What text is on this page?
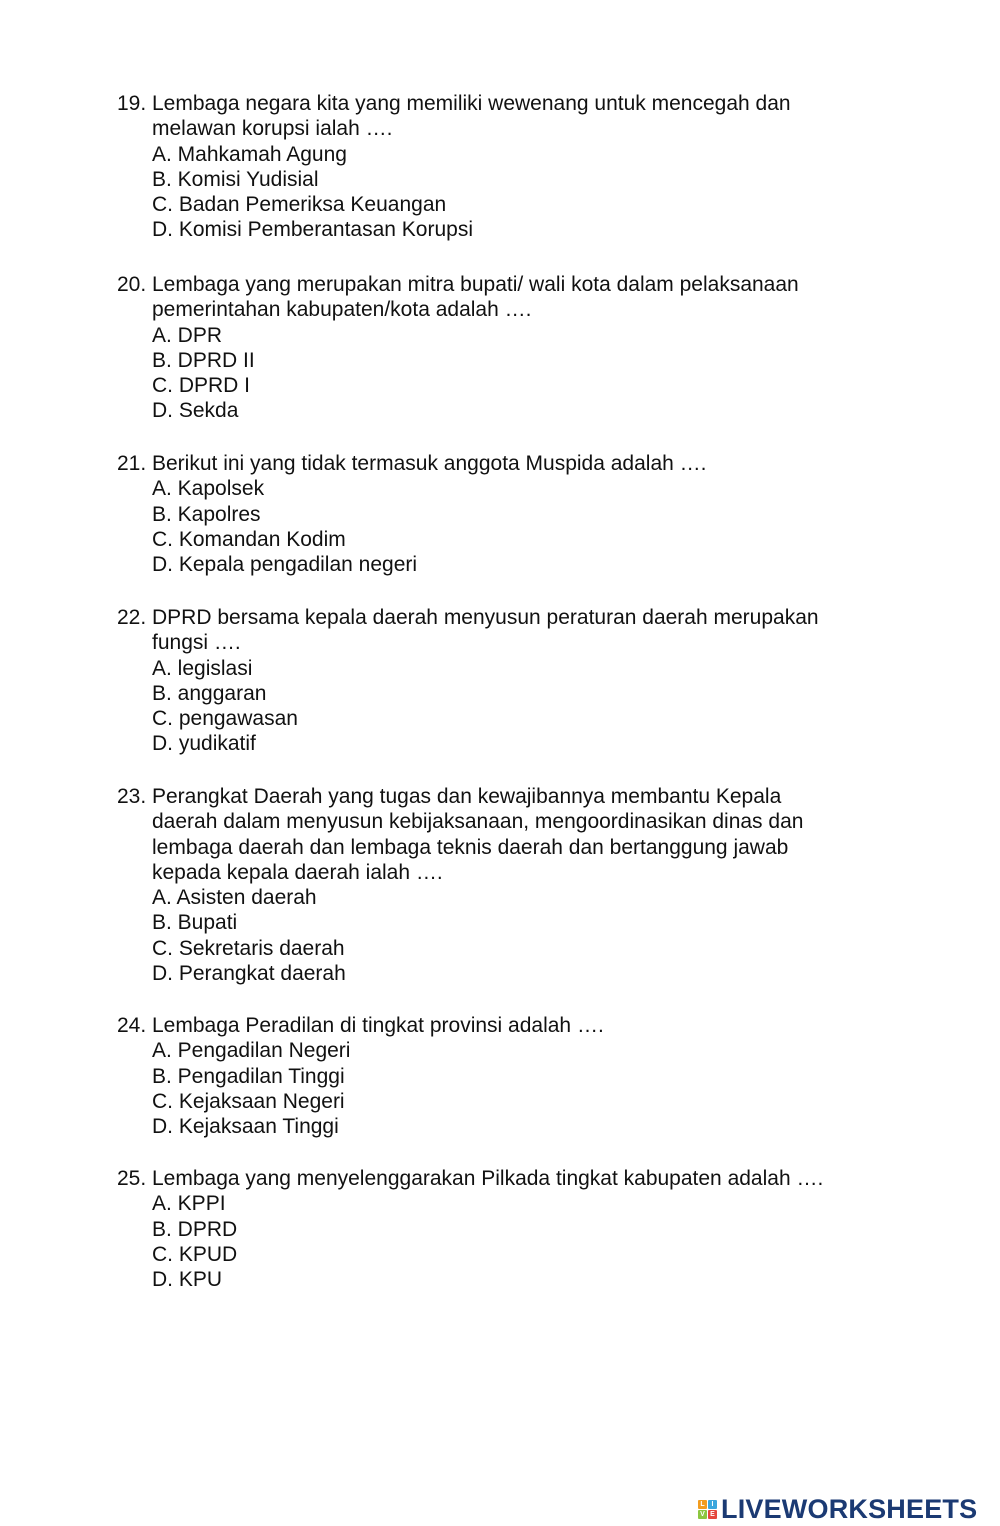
19. Lembaga negara kita yang memiliki wewenang untuk mencegah dan
melawan korupsi ialah ….
A. Mahkamah Agung
B. Komisi Yudisial
C. Badan Pemeriksa Keuangan
D. Komisi Pemberantasan Korupsi
20. Lembaga yang merupakan mitra bupati/ wali kota dalam pelaksanaan
pemerintahan kabupaten/kota adalah ….
A. DPR
B. DPRD II
C. DPRD I
D. Sekda
21. Berikut ini yang tidak termasuk anggota Muspida adalah ….
A. Kapolsek
B. Kapolres
C. Komandan Kodim
D. Kepala pengadilan negeri
22. DPRD bersama kepala daerah menyusun peraturan daerah merupakan
fungsi ….
A. legislasi
B. anggaran
C. pengawasan
D. yudikatif
23. Perangkat Daerah yang tugas dan kewajibannya membantu Kepala
daerah dalam menyusun kebijaksanaan, mengoordinasikan dinas dan
lembaga daerah dan lembaga teknis daerah dan bertanggung jawab
kepada kepala daerah ialah ….
A. Asisten daerah
B. Bupati
C. Sekretaris daerah
D. Perangkat daerah
24. Lembaga Peradilan di tingkat provinsi adalah ….
A. Pengadilan Negeri
B. Pengadilan Tinggi
C. Kejaksaan Negeri
D. Kejaksaan Tinggi
25. Lembaga yang menyelenggarakan Pilkada tingkat kabupaten adalah ….
A. KPPI
B. DPRD
C. KPUD
D. KPU
L I
V E LIVEWORKSHEETS
